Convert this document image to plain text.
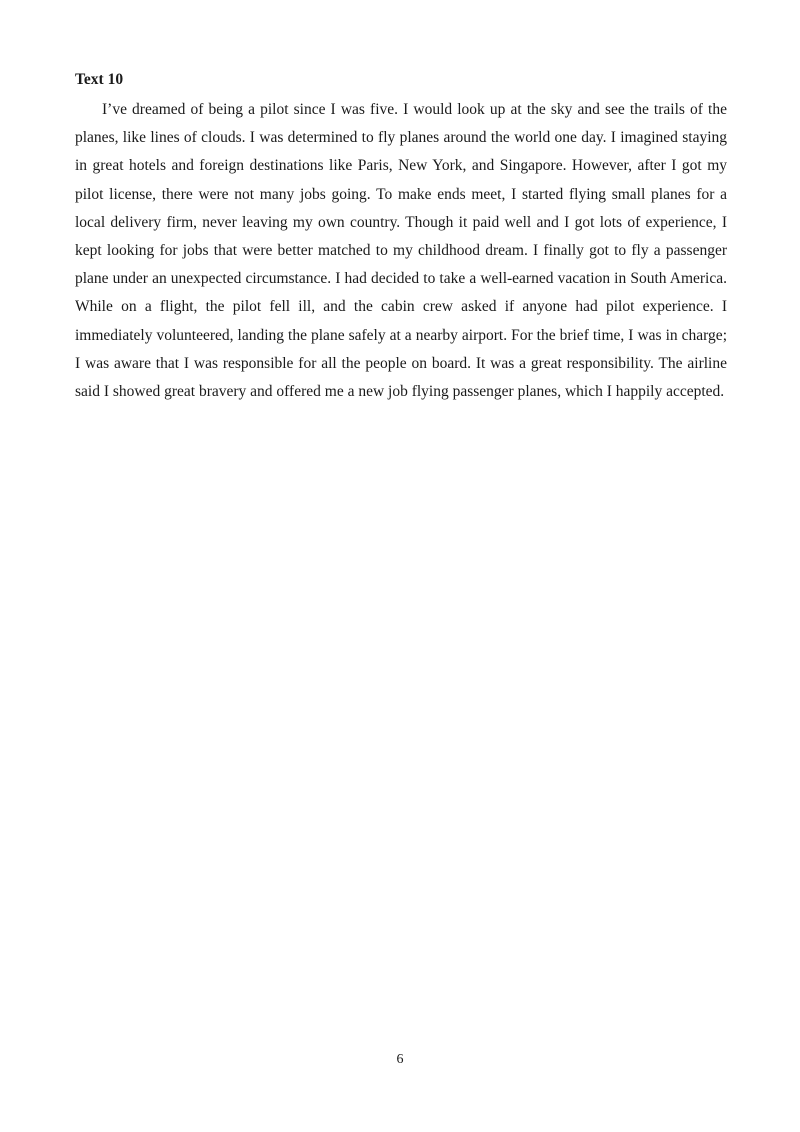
Text 10

I’ve dreamed of being a pilot since I was five. I would look up at the sky and see the trails of the planes, like lines of clouds. I was determined to fly planes around the world one day. I imagined staying in great hotels and foreign destinations like Paris, New York, and Singapore. However, after I got my pilot license, there were not many jobs going. To make ends meet, I started flying small planes for a local delivery firm, never leaving my own country. Though it paid well and I got lots of experience, I kept looking for jobs that were better matched to my childhood dream. I finally got to fly a passenger plane under an unexpected circumstance. I had decided to take a well-earned vacation in South America. While on a flight, the pilot fell ill, and the cabin crew asked if anyone had pilot experience. I immediately volunteered, landing the plane safely at a nearby airport. For the brief time, I was in charge; I was aware that I was responsible for all the people on board. It was a great responsibility. The airline said I showed great bravery and offered me a new job flying passenger planes, which I happily accepted.

6
